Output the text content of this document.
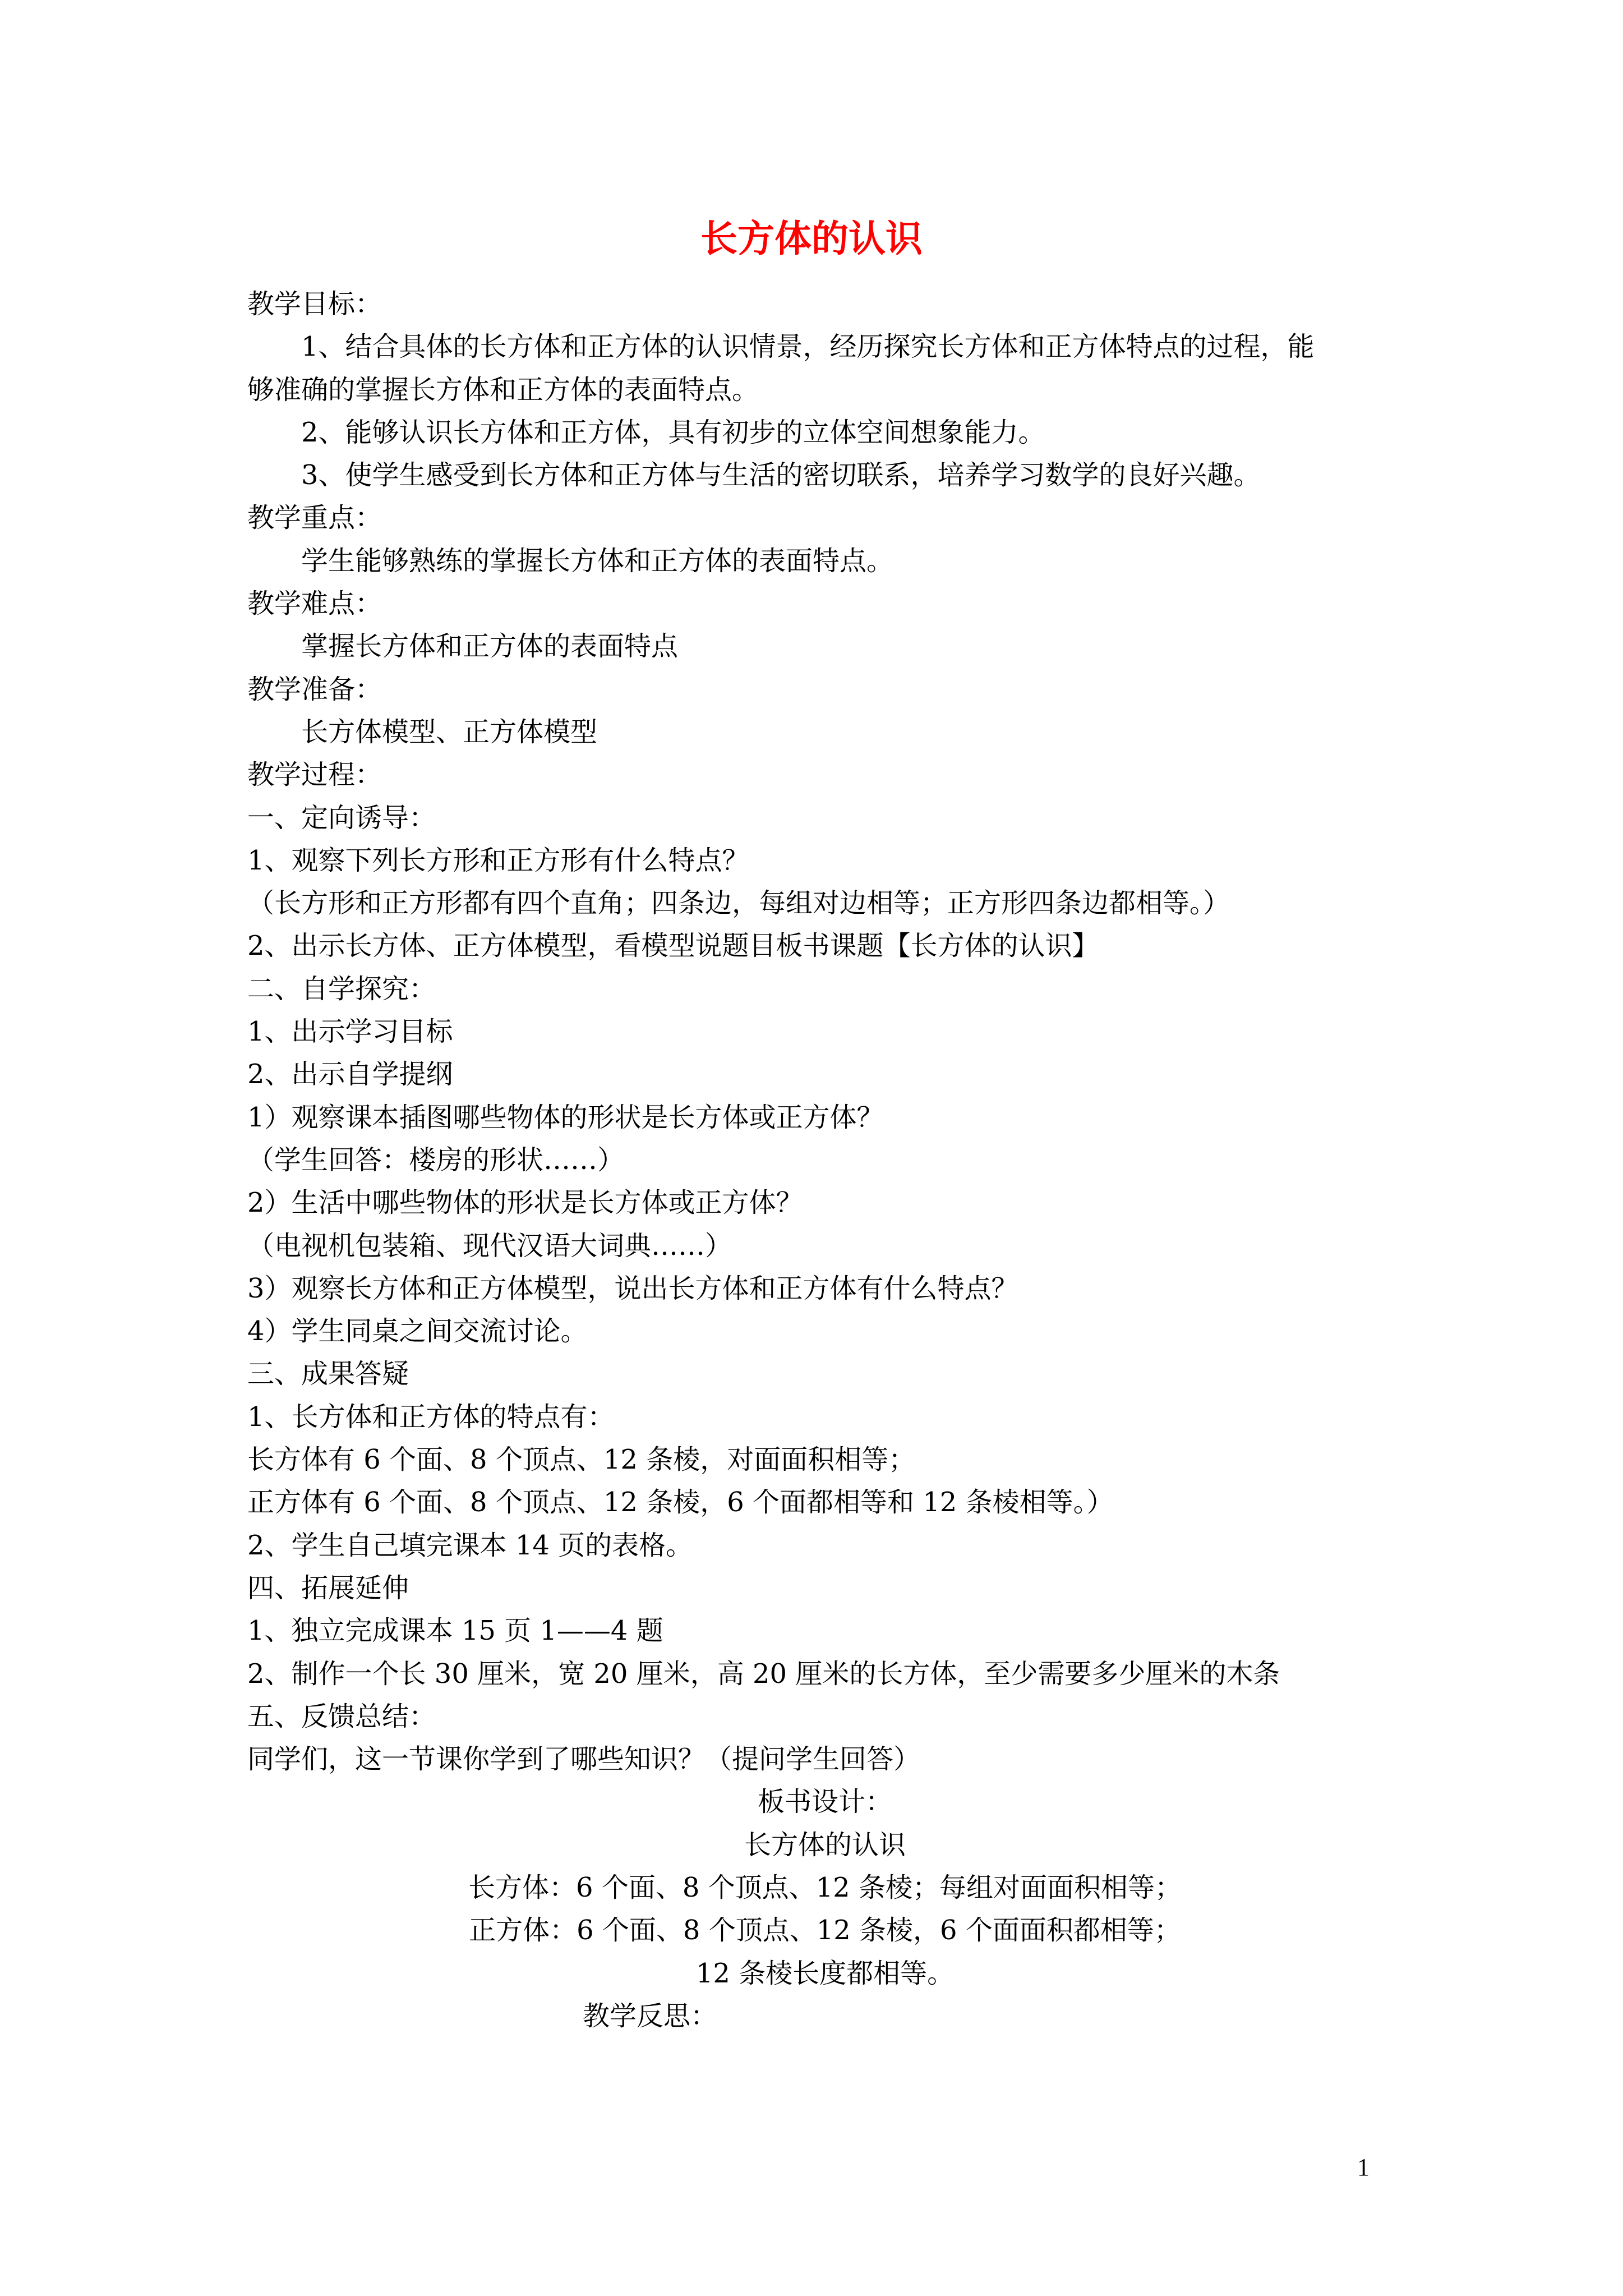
长方体的认识
教学目标：
1、结合具体的长方体和正方体的认识情景，经历探究长方体和正方体特点的过程，能
够准确的掌握长方体和正方体的表面特点。
2、能够认识长方体和正方体，具有初步的立体空间想象能力。
3、使学生感受到长方体和正方体与生活的密切联系，培养学习数学的良好兴趣。
教学重点：
学生能够熟练的掌握长方体和正方体的表面特点。
教学难点：
掌握长方体和正方体的表面特点
教学准备：
长方体模型、正方体模型
教学过程：
一、定向诱导：
1、观察下列长方形和正方形有什么特点？
（长方形和正方形都有四个直角；四条边，每组对边相等；正方形四条边都相等。）
2、出示长方体、正方体模型，看模型说题目板书课题【长方体的认识】
二、自学探究：
1、出示学习目标
2、出示自学提纲
1）观察课本插图哪些物体的形状是长方体或正方体？
（学生回答：楼房的形状……）
2）生活中哪些物体的形状是长方体或正方体？
（电视机包装箱、现代汉语大词典……）
3）观察长方体和正方体模型，说出长方体和正方体有什么特点？
4）学生同桌之间交流讨论。
三、成果答疑
1、长方体和正方体的特点有：
长方体有 6 个面、8 个顶点、12 条棱，对面面积相等；
正方体有 6 个面、8 个顶点、12 条棱，6 个面都相等和 12 条棱相等。）
2、学生自己填完课本 14 页的表格。
四、拓展延伸
1、独立完成课本 15 页 1——4 题
2、制作一个长 30 厘米，宽 20 厘米，高 20 厘米的长方体，至少需要多少厘米的木条
五、反馈总结：
同学们，这一节课你学到了哪些知识？（提问学生回答）
板书设计：
长方体的认识
长方体：6 个面、8 个顶点、12 条棱；每组对面面积相等；
正方体：6 个面、8 个顶点、12 条棱，6 个面面积都相等；
12 条棱长度都相等。
教学反思：
1
